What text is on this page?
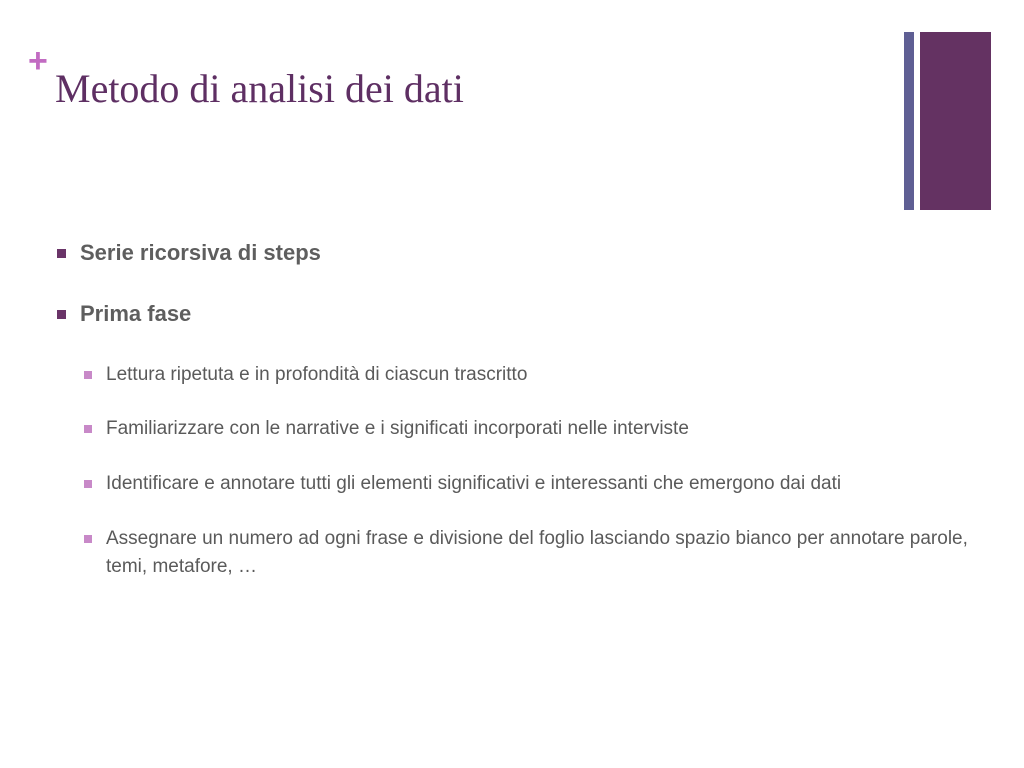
+
Metodo di analisi dei dati
Serie ricorsiva di steps
Prima fase
Lettura ripetuta e in profondità di ciascun trascritto
Familiarizzare con le narrative e i significati incorporati nelle interviste
Identificare e annotare tutti gli elementi significativi e interessanti che emergono dai dati
Assegnare un numero ad ogni frase e divisione del foglio lasciando spazio bianco per annotare parole, temi, metafore, …
